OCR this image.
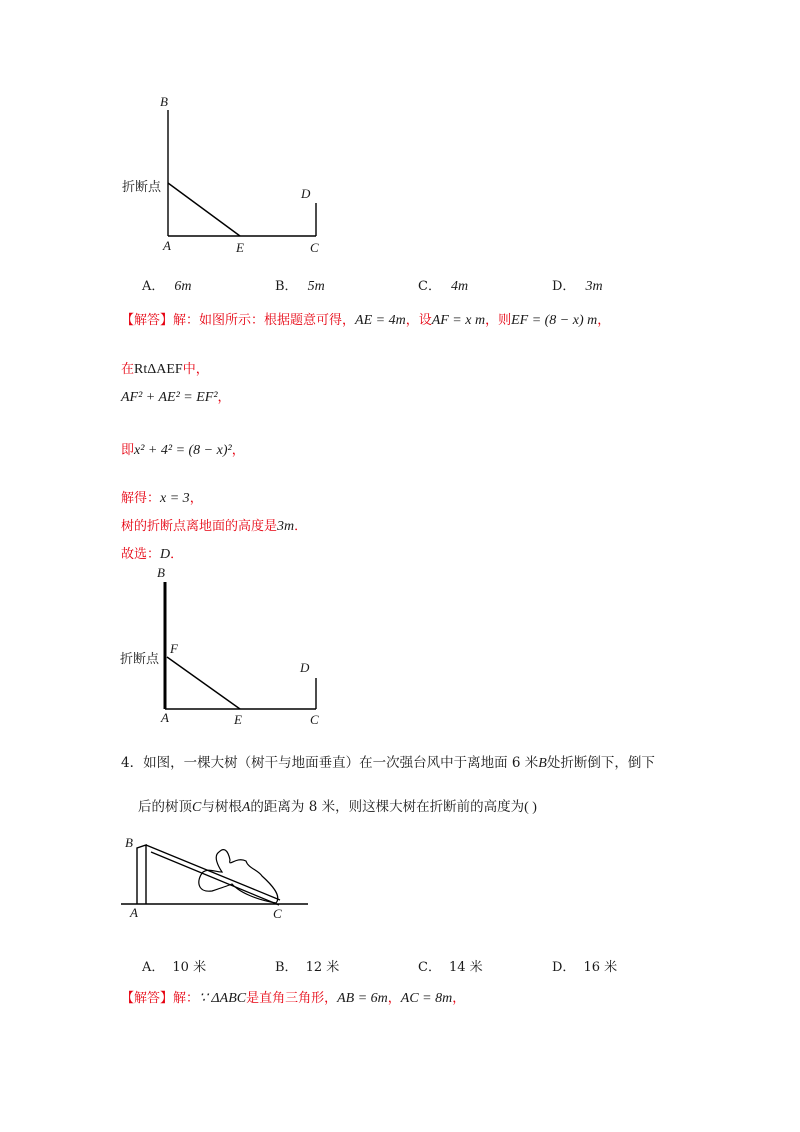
B
折断点	D
A	E	C
A． 6m	B． 5m	C． 4m	D． 3m
【解答】解：如图所示：根据题意可得，AE = 4m，设AF = x m，则EF = (8 − x) m，
在RtΔAEF中，
AF² + AE² = EF²，
即x² + 4² = (8 − x)²，
解得：x = 3，
树的折断点离地面的高度是3m．
故选：D．
B
F
折断点
D
A	E	C
4．如图，一棵大树（树干与地面垂直）在一次强台风中于离地面 6 米B处折断倒下，倒下
后的树顶C与树根A的距离为 8 米，则这棵大树在折断前的高度为( )
B
A	C
A． 10 米	B． 12 米	C． 14 米	D． 16 米
【解答】解：∵ ΔABC是直角三角形，AB = 6m，AC = 8m，
